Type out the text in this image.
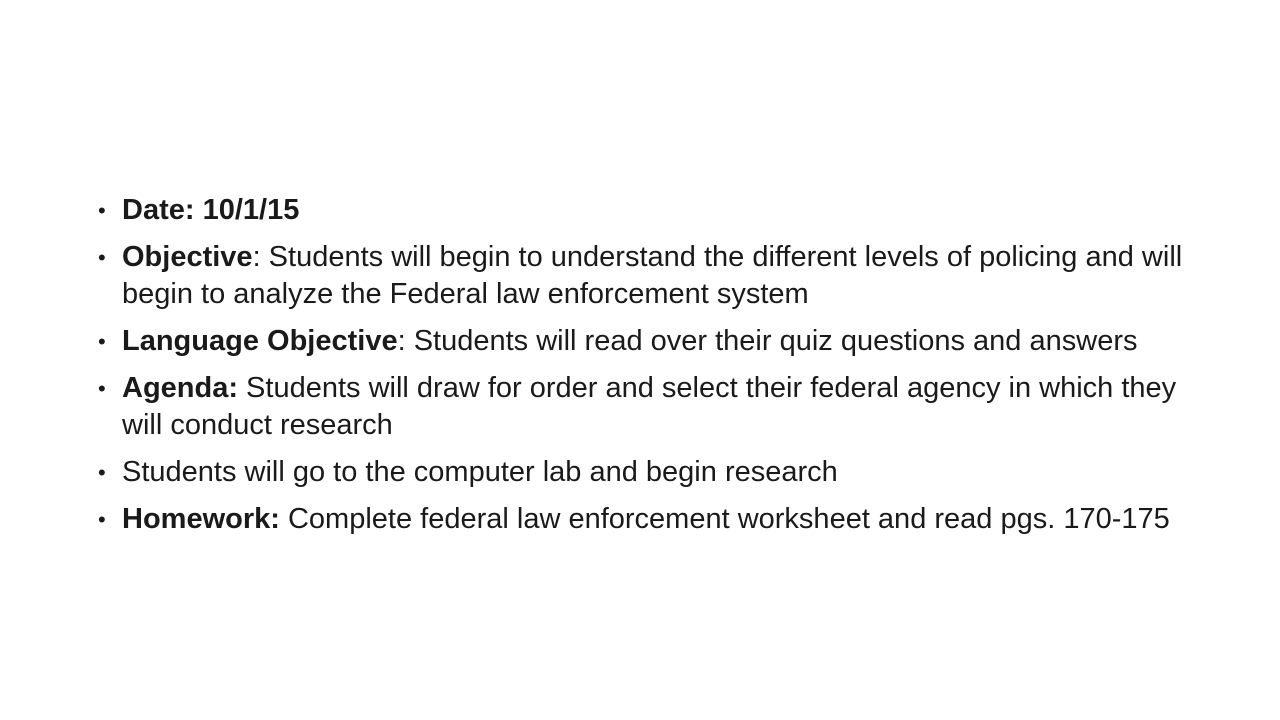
• Date: 10/1/15
• Objective: Students will begin to understand the different levels of policing and will begin to analyze the Federal law enforcement system
• Language Objective: Students will read over their quiz questions and answers
• Agenda: Students will draw for order and select their federal agency in which they will conduct research
• Students will go to the computer lab and begin research
• Homework: Complete federal law enforcement worksheet and read pgs. 170-175
